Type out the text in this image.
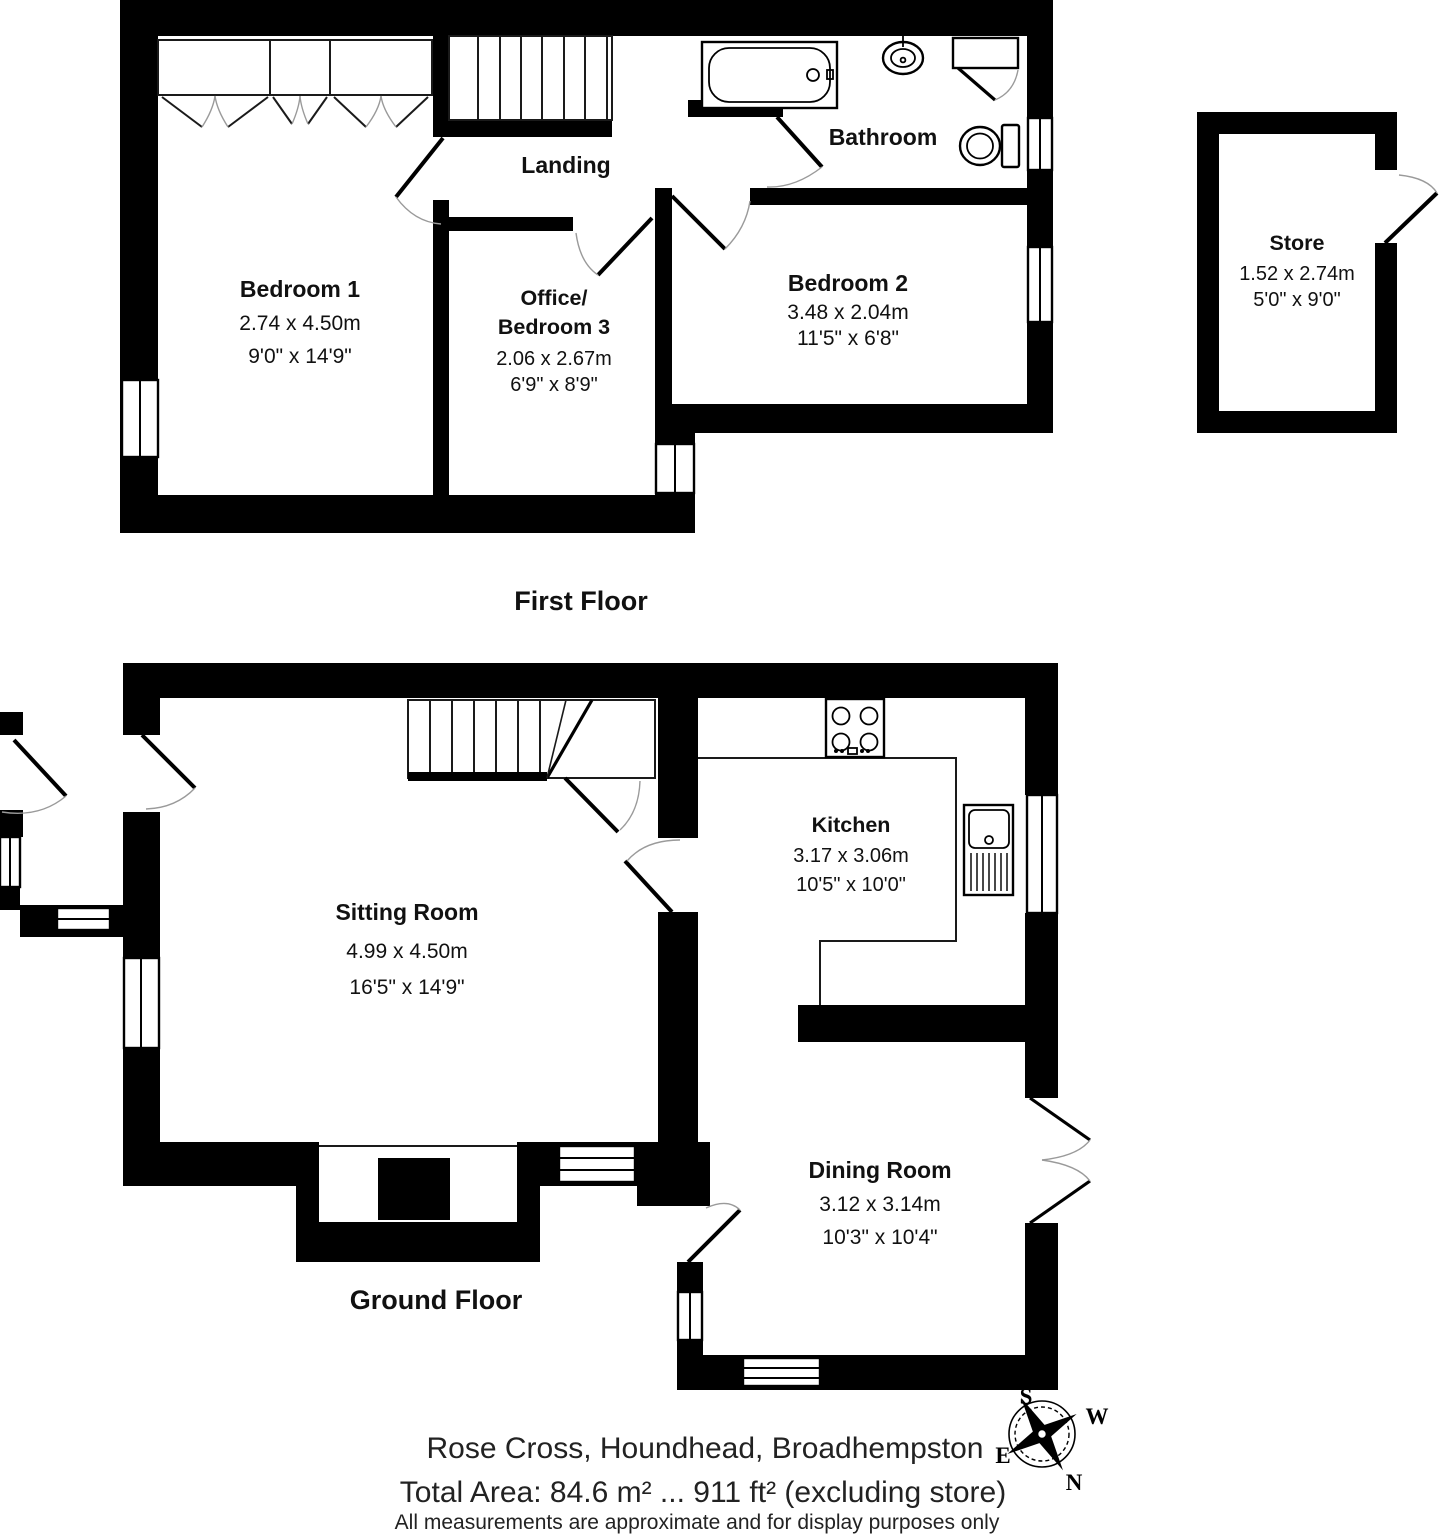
Bedroom 1
2.74 x 4.50m
9'0" x 14'9"
Office/
Bedroom 3
2.06 x 2.67m
6'9" x 8'9"
Bedroom 2
3.48 x 2.04m
11'5" x 6'8"
Bathroom
Landing
First Floor
Store
1.52 x 2.74m
5'0" x 9'0"
Sitting Room
4.99 x 4.50m
16'5" x 14'9"
Kitchen
3.17 x 3.06m
10'5" x 10'0"
Dining Room
3.12 x 3.14m
10'3" x 10'4"
Ground Floor
Rose Cross, Houndhead, Broadhempston
Total Area: 84.6 m² ... 911 ft² (excluding store)
All measurements are approximate and for display purposes only
S
W
E
N
